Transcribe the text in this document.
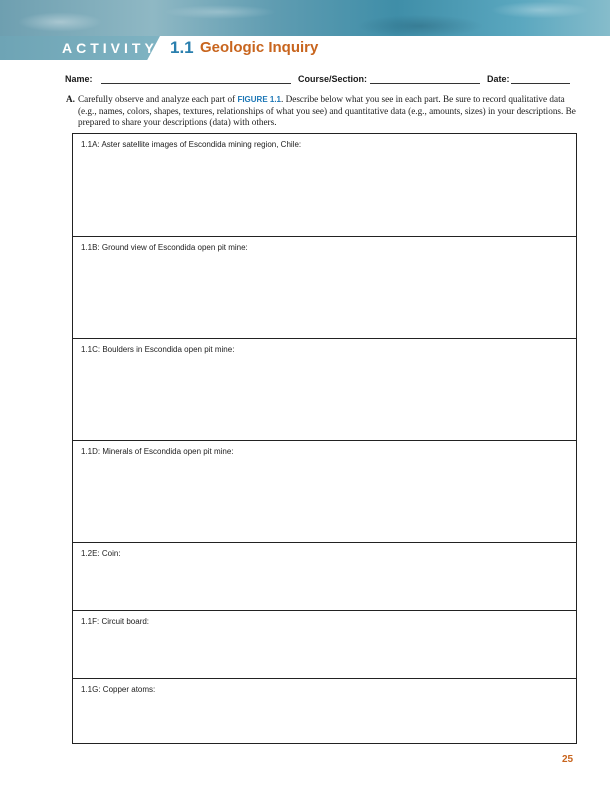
ACTIVITY 1.1 Geologic Inquiry
Name:	Course/Section:	Date:
A. Carefully observe and analyze each part of FIGURE 1.1. Describe below what you see in each part. Be sure to record qualitative data (e.g., names, colors, shapes, textures, relationships of what you see) and quantitative data (e.g., amounts, sizes) in your descriptions. Be prepared to share your descriptions (data) with others.
1.1A: Aster satellite images of Escondida mining region, Chile:
1.1B: Ground view of Escondida open pit mine:
1.1C: Boulders in Escondida open pit mine:
1.1D: Minerals of Escondida open pit mine:
1.2E: Coin:
1.1F: Circuit board:
1.1G: Copper atoms:
25
